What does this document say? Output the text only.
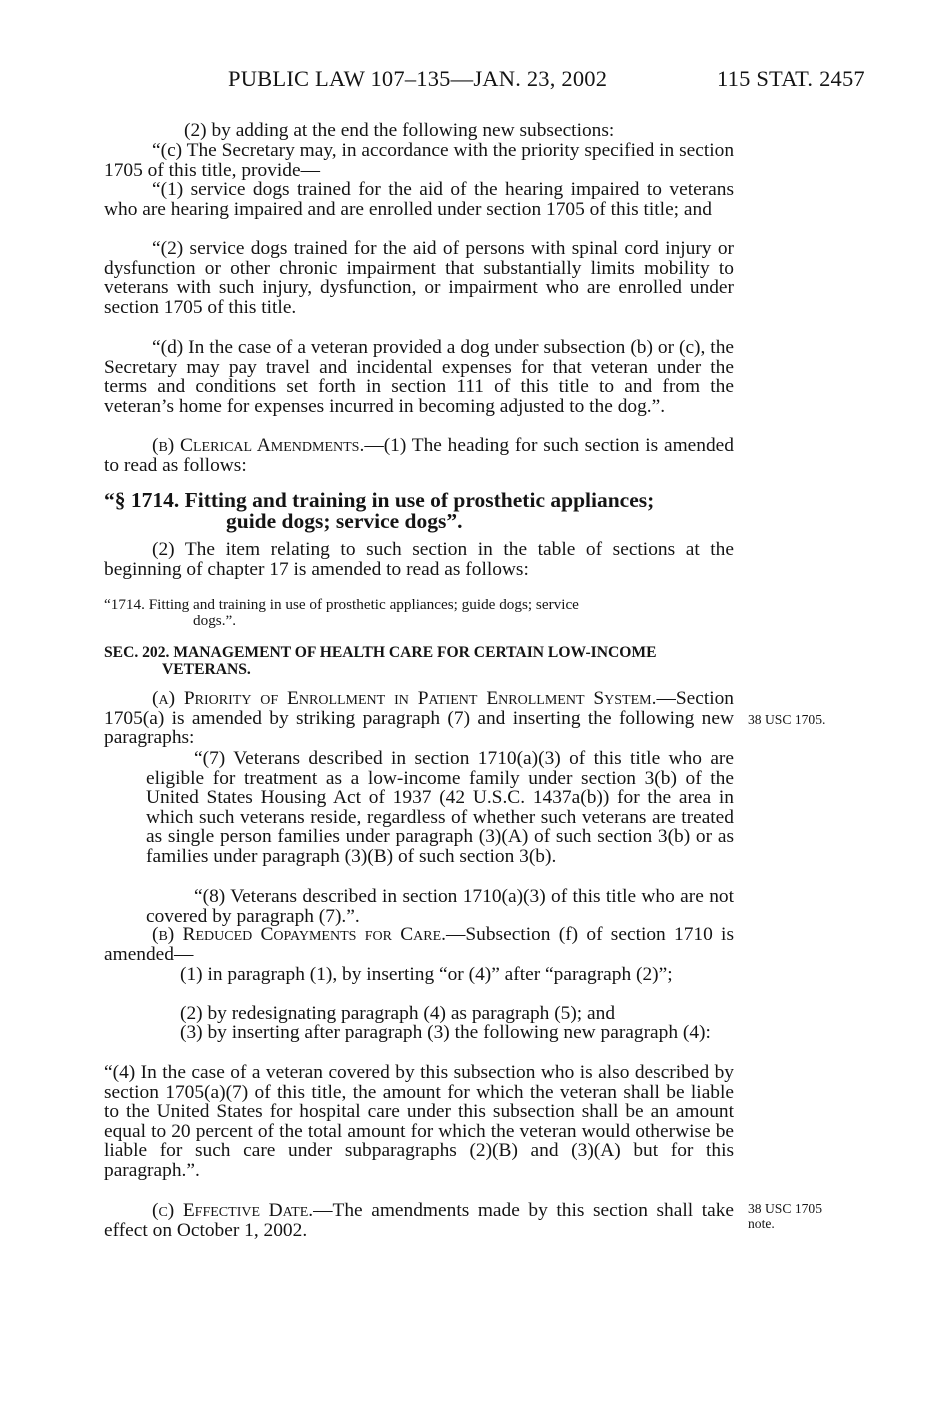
PUBLIC LAW 107–135—JAN. 23, 2002	115 STAT. 2457

(2) by adding at the end the following new subsections:

“(c) The Secretary may, in accordance with the priority specified in section 1705 of this title, provide—

“(1) service dogs trained for the aid of the hearing impaired to veterans who are hearing impaired and are enrolled under section 1705 of this title; and

“(2) service dogs trained for the aid of persons with spinal cord injury or dysfunction or other chronic impairment that substantially limits mobility to veterans with such injury, dysfunction, or impairment who are enrolled under section 1705 of this title.

“(d) In the case of a veteran provided a dog under subsection (b) or (c), the Secretary may pay travel and incidental expenses for that veteran under the terms and conditions set forth in section 111 of this title to and from the veteran’s home for expenses incurred in becoming adjusted to the dog.”.

(b) Clerical Amendments.—(1) The heading for such section is amended to read as follows:

“§ 1714. Fitting and training in use of prosthetic appliances;
guide dogs; service dogs”.

(2) The item relating to such section in the table of sections at the beginning of chapter 17 is amended to read as follows:

“1714. Fitting and training in use of prosthetic appliances; guide dogs; service
dogs.”.
SEC. 202. MANAGEMENT OF HEALTH CARE FOR CERTAIN LOW-INCOME
VETERANS.

(a) Priority of Enrollment in Patient Enrollment System.—Section 1705(a) is amended by striking paragraph (7) and inserting the following new paragraphs:

38 USC 1705.

“(7) Veterans described in section 1710(a)(3) of this title who are eligible for treatment as a low-income family under section 3(b) of the United States Housing Act of 1937 (42 U.S.C. 1437a(b)) for the area in which such veterans reside, regardless of whether such veterans are treated as single person families under paragraph (3)(A) of such section 3(b) or as families under paragraph (3)(B) of such section 3(b).

“(8) Veterans described in section 1710(a)(3) of this title who are not covered by paragraph (7).”.

(b) Reduced Copayments for Care.—Subsection (f) of section 1710 is amended—

(1) in paragraph (1), by inserting “or (4)” after “paragraph (2)”;

(2) by redesignating paragraph (4) as paragraph (5); and

(3) by inserting after paragraph (3) the following new paragraph (4):

“(4) In the case of a veteran covered by this subsection who is also described by section 1705(a)(7) of this title, the amount for which the veteran shall be liable to the United States for hospital care under this subsection shall be an amount equal to 20 percent of the total amount for which the veteran would otherwise be liable for such care under subparagraphs (2)(B) and (3)(A) but for this paragraph.”.

(c) Effective Date.—The amendments made by this section shall take effect on October 1, 2002.

38 USC 1705
note.
